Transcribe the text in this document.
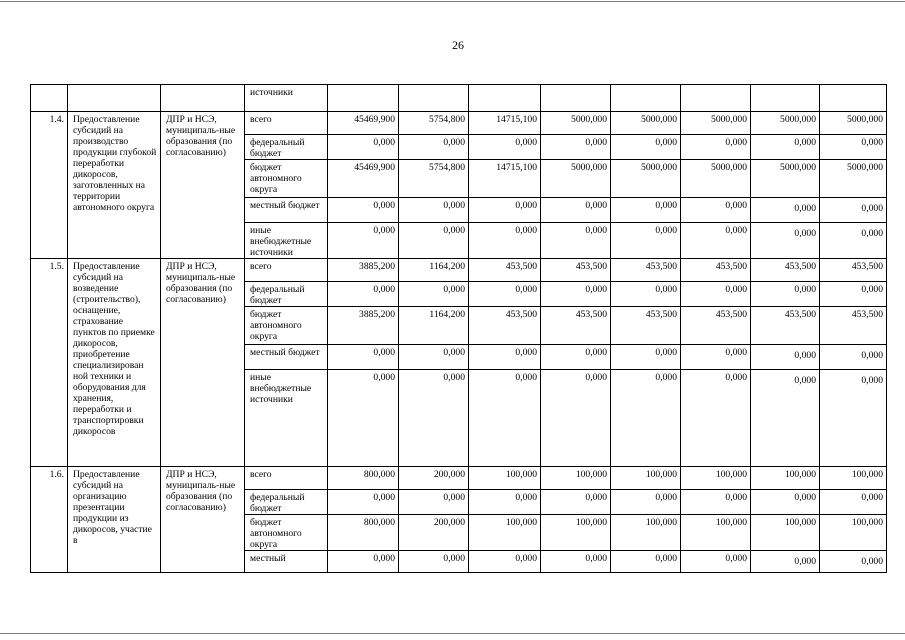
26
			источники								
1.4.	Предоставление субсидий на производство продукции глубокой переработки дикоросов, заготовленных на территории автономного округа	ДПР и НСЭ, муниципаль-ные образования (по согласованию)	всего	45469,900	5754,800	14715,100	5000,000	5000,000	5000,000	5000,000	5000,000
			федеральный бюджет	0,000	0,000	0,000	0,000	0,000	0,000	0,000	0,000
			бюджет автономного округа	45469,900	5754,800	14715,100	5000,000	5000,000	5000,000	5000,000	5000,000
			местный бюджет	0,000	0,000	0,000	0,000	0,000	0,000	0,000	0,000
			иные внебюджетные источники	0,000	0,000	0,000	0,000	0,000	0,000	0,000	0,000
1.5.	Предоставление субсидий на возведение (строительство), оснащение, страхование пунктов по приемке дикоросов, приобретение специализирован ной техники и оборудования для хранения, переработки и транспортировки дикоросов	ДПР и НСЭ, муниципаль-ные образования (по согласованию)	всего	3885,200	1164,200	453,500	453,500	453,500	453,500	453,500	453,500
			федеральный бюджет	0,000	0,000	0,000	0,000	0,000	0,000	0,000	0,000
			бюджет автономного округа	3885,200	1164,200	453,500	453,500	453,500	453,500	453,500	453,500
			местный бюджет	0,000	0,000	0,000	0,000	0,000	0,000	0,000	0,000
			иные внебюджетные источники	0,000	0,000	0,000	0,000	0,000	0,000	0,000	0,000
1.6.	Предоставление субсидий на организацию презентации продукции из дикоросов, участие в	ДПР и НСЭ, муниципаль-ные образования (по согласованию)	всего	800,000	200,000	100,000	100,000	100,000	100,000	100,000	100,000
			федеральный бюджет	0,000	0,000	0,000	0,000	0,000	0,000	0,000	0,000
			бюджет автономного округа	800,000	200,000	100,000	100,000	100,000	100,000	100,000	100,000
			местный	0,000	0,000	0,000	0,000	0,000	0,000	0,000	0,000
